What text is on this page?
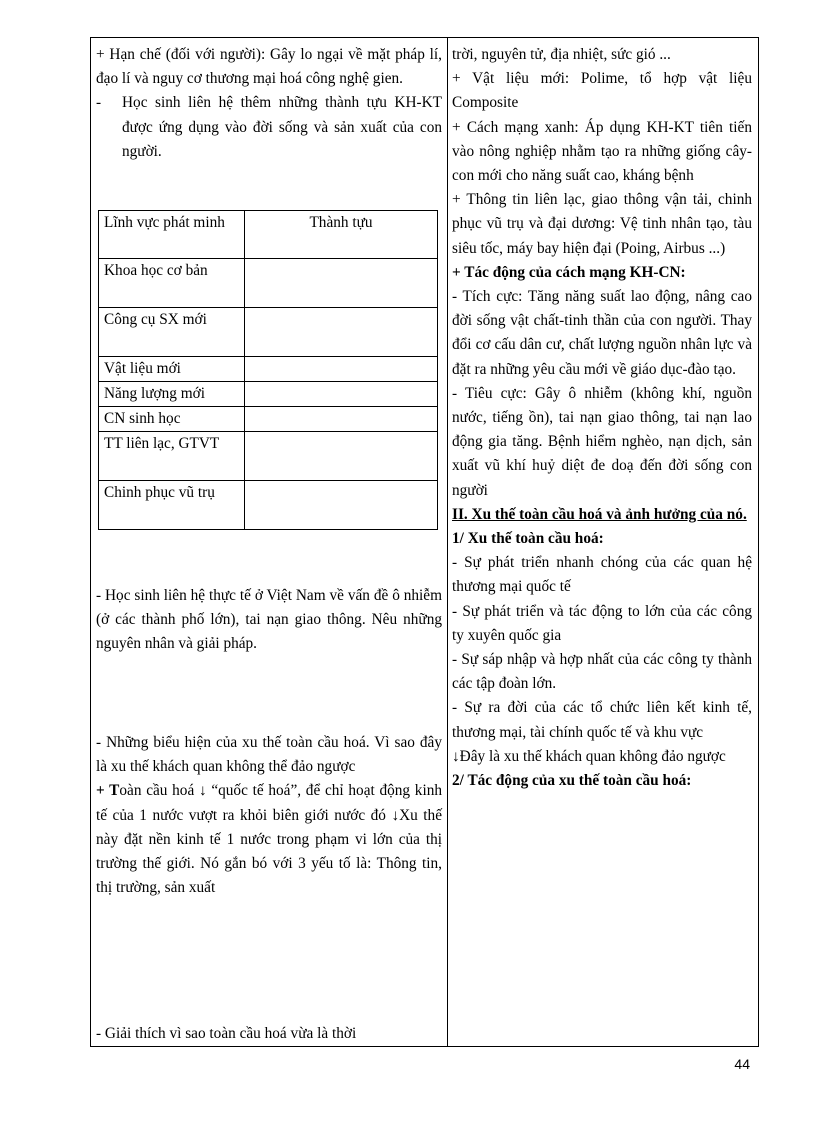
+ Hạn chế (đối với người): Gây lo ngại về mặt pháp lí, đạo lí và nguy cơ thương mại hoá công nghệ gien.

- Học sinh liên hệ thêm những thành tựu KH-KT được ứng dụng vào đời sống và sản xuất của con người.

Lĩnh vực phát minh	Thành tựu
Khoa học cơ bản	
Công cụ SX mới	
Vật liệu mới	
Năng lượng mới	
CN sinh học	
TT liên lạc, GTVT	
Chinh phục vũ trụ	

- Học sinh liên hệ thực tế ở Việt Nam về vấn đề ô nhiễm (ở các thành phố lớn), tai nạn giao thông. Nêu những nguyên nhân và giải pháp.

- Những biểu hiện của xu thế toàn cầu hoá. Vì sao đây là xu thế khách quan không thể đảo ngược

+ Toàn cầu hoá ↓ “quốc tế hoá”, để chỉ hoạt động kinh tế của 1 nước vượt ra khỏi biên giới nước đó ↓Xu thế này đặt nền kinh tế 1 nước trong phạm vi lớn của thị trường thế giới. Nó gắn bó với 3 yếu tố là: Thông tin, thị trường, sản xuất

- Giải thích vì sao toàn cầu hoá vừa là thời

trời, nguyên tử, địa nhiệt, sức gió ...

+ Vật liệu mới: Polime, tổ hợp vật liệu Composite

+ Cách mạng xanh: Áp dụng KH-KT tiên tiến vào nông nghiệp nhằm tạo ra những giống cây-con mới cho năng suất cao, kháng bệnh

+ Thông tin liên lạc, giao thông vận tải, chinh phục vũ trụ và đại dương: Vệ tinh nhân tạo, tàu siêu tốc, máy bay hiện đại (Poing, Airbus ...)

+ Tác động của cách mạng KH-CN:

- Tích cực: Tăng năng suất lao động, nâng cao đời sống vật chất-tinh thần của con người. Thay đổi cơ cấu dân cư, chất lượng nguồn nhân lực và đặt ra những yêu cầu mới về giáo dục-đào tạo.

- Tiêu cực: Gây ô nhiễm (không khí, nguồn nước, tiếng ồn), tai nạn giao thông, tai nạn lao động gia tăng. Bệnh hiểm nghèo, nạn dịch, sản xuất vũ khí huỷ diệt đe doạ đến đời sống con người

II. Xu thế toàn cầu hoá và ảnh hưởng của nó.

1/ Xu thế toàn cầu hoá:

- Sự phát triển nhanh chóng của các quan hệ thương mại quốc tế

- Sự phát triển và tác động to lớn của các công ty xuyên quốc gia

- Sự sáp nhập và hợp nhất của các công ty thành các tập đoàn lớn.

- Sự ra đời của các tổ chức liên kết kinh tế, thương mại, tài chính quốc tế và khu vực

↓Đây là xu thế khách quan không đảo ngược

2/ Tác động của xu thế toàn cầu hoá:

44
